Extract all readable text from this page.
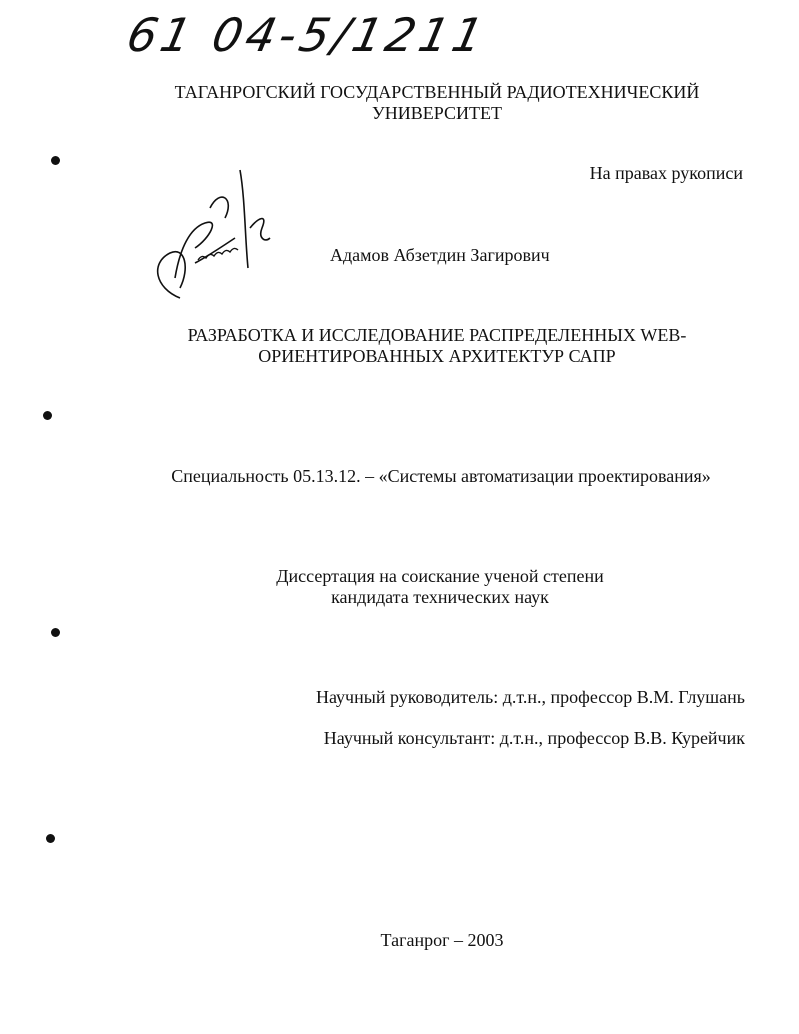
61 04-5/1211
ТАГАНРОГСКИЙ ГОСУДАРСТВЕННЫЙ РАДИОТЕХНИЧЕСКИЙ
УНИВЕРСИТЕТ
На правах рукописи
Адамов Абзетдин Загирович
РАЗРАБОТКА И ИССЛЕДОВАНИЕ РАСПРЕДЕЛЕННЫХ WEB-
ОРИЕНТИРОВАННЫХ АРХИТЕКТУР САПР
Специальность 05.13.12. – «Системы автоматизации проектирования»
Диссертация на соискание ученой степени
кандидата технических наук
Научный руководитель: д.т.н., профессор В.М. Глушань
Научный консультант: д.т.н., профессор В.В. Курейчик
Таганрог – 2003
